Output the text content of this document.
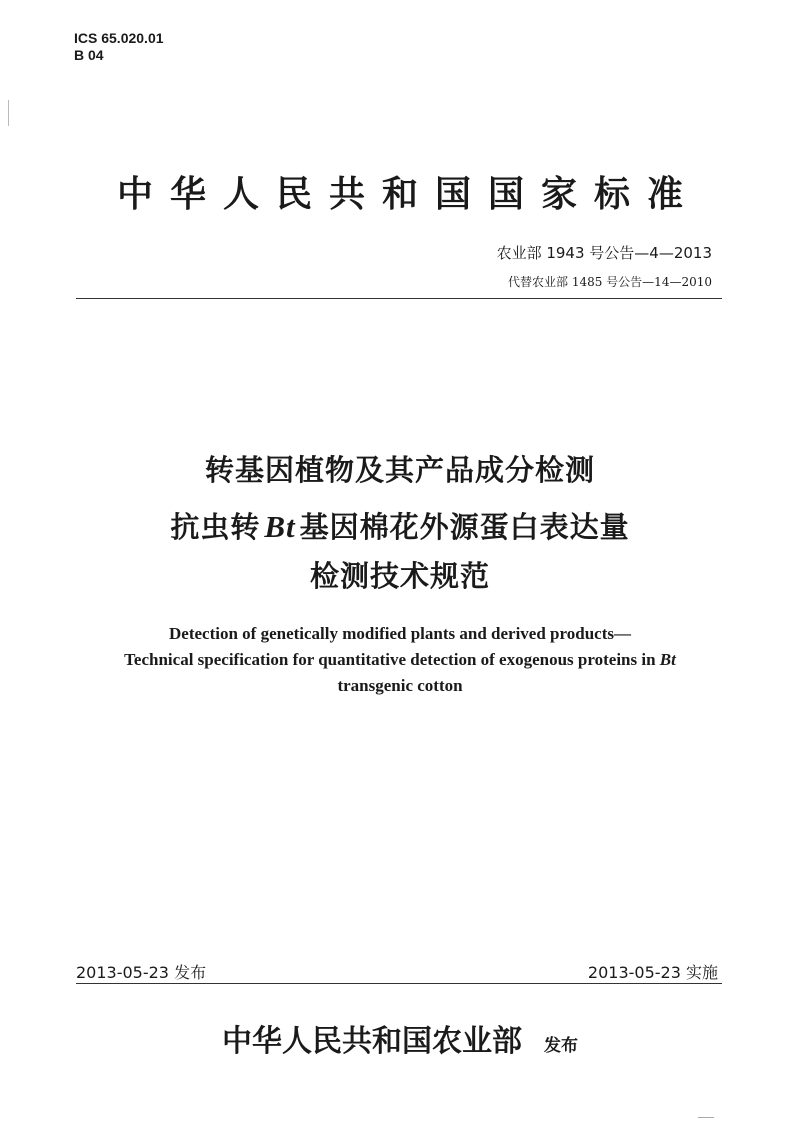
ICS 65.020.01
B 04
中华人民共和国国家标准
农业部 1943 号公告—4—2013
代替农业部 1485 号公告—14—2010
转基因植物及其产品成分检测
抗虫转 Bt 基因棉花外源蛋白表达量
检测技术规范
Detection of genetically modified plants and derived products—
Technical specification for quantitative detection of exogenous proteins in Bt
transgenic cotton
2013-05-23 发布	2013-05-23 实施
中华人民共和国农业部 发布
